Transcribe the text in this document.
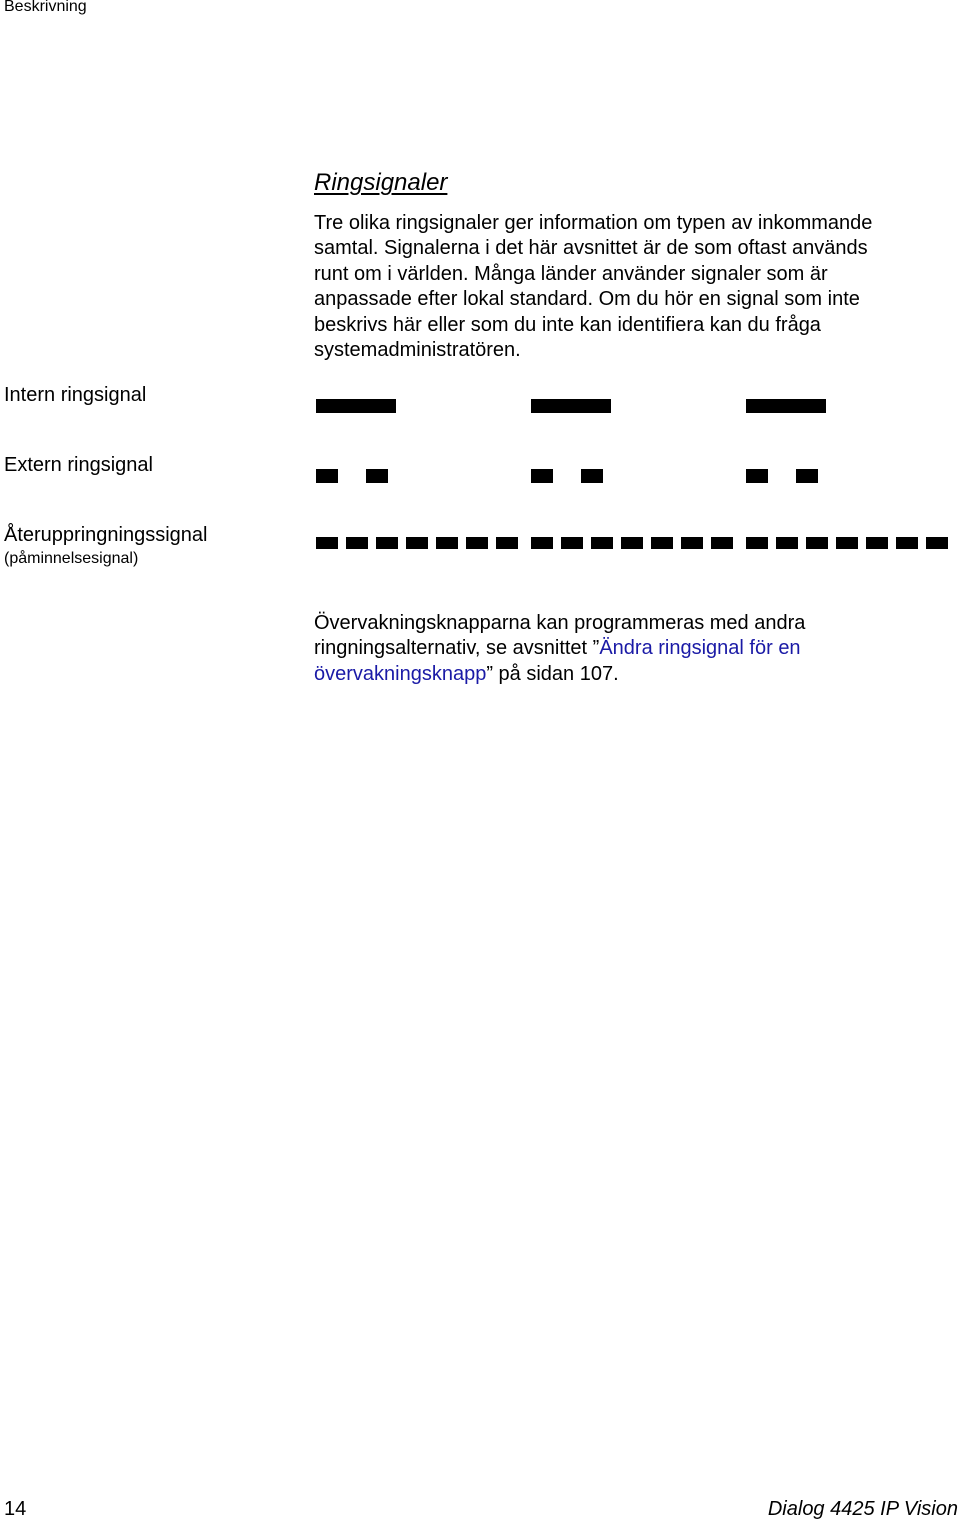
Beskrivning
Ringsignaler

Tre olika ringsignaler ger information om typen av inkommande
samtal. Signalerna i det här avsnittet är de som oftast används
runt om i världen. Många länder använder signaler som är
anpassade efter lokal standard. Om du hör en signal som inte
beskrivs här eller som du inte kan identifiera kan du fråga
systemadministratören.

Intern ringsignal
Extern ringsignal
Återuppringningssignal
(påminnelsesignal)

Övervakningsknapparna kan programmeras med andra
ringningsalternativ, se avsnittet ”Ändra ringsignal för en
övervakningsknapp” på sidan 107.

14	Dialog 4425 IP Vision
